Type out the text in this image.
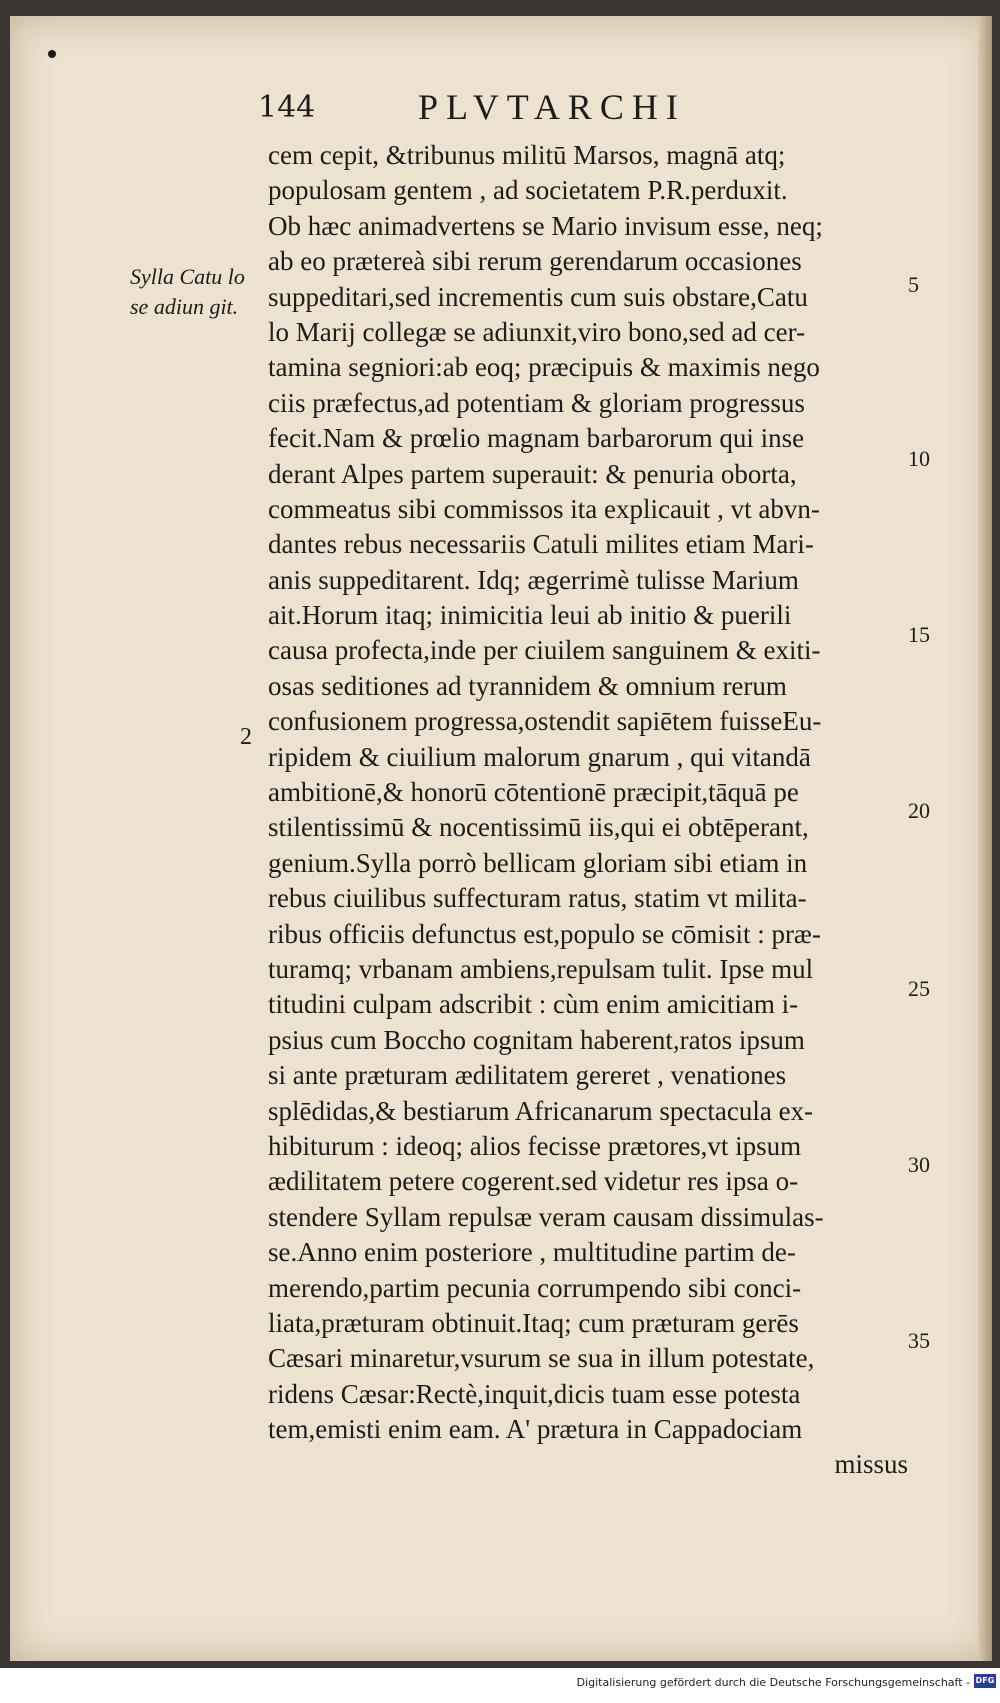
144	PLVTARCHI
Sylla Catu lo se adiun git.
2
cem cepit, &tribunus militū Marsos, magnā atq;
populosam gentem , ad societatem P.R.perduxit.
Ob hæc animadvertens se Mario invisum esse, neq;
ab eo prætereà sibi rerum gerendarum occasiones
suppeditari,sed incrementis cum suis obstare,Catu
lo Marij collegæ se adiunxit,viro bono,sed ad cer-
tamina segniori:ab eoq; præcipuis & maximis nego
ciis præfectus,ad potentiam & gloriam progressus
fecit.Nam & prœlio magnam barbarorum qui inse
derant Alpes partem superauit: & penuria oborta,
commeatus sibi commissos ita explicauit , vt abvn-
dantes rebus necessariis Catuli milites etiam Mari-
anis suppeditarent. Idq; ægerrimè tulisse Marium
ait.Horum itaq; inimicitia leui ab initio & puerili
causa profecta,inde per ciuilem sanguinem & exiti-
osas seditiones ad tyrannidem & omnium rerum
confusionem progressa,ostendit sapiētem fuisseEu-
ripidem & ciuilium malorum gnarum , qui vitandā
ambitionē,& honorū cōtentionē præcipit,tāquā pe
stilentissimū & nocentissimū iis,qui ei obtēperant,
genium.Sylla porrò bellicam gloriam sibi etiam in
rebus ciuilibus suffecturam ratus, statim vt milita-
ribus officiis defunctus est,populo se cōmisit : præ-
turamq; vrbanam ambiens,repulsam tulit. Ipse mul
titudini culpam adscribit : cùm enim amicitiam i-
psius cum Boccho cognitam haberent,ratos ipsum
si ante præturam ædilitatem gereret , venationes
splēdidas,& bestiarum Africanarum spectacula ex-
hibiturum : ideoq; alios fecisse prætores,vt ipsum
ædilitatem petere cogerent.sed videtur res ipsa o-
stendere Syllam repulsæ veram causam dissimulas-
se.Anno enim posteriore , multitudine partim de-
merendo,partim pecunia corrumpendo sibi conci-
liata,præturam obtinuit.Itaq; cum præturam gerēs
Cæsari minaretur,vsurum se sua in illum potestate,
ridens Cæsar:Rectè,inquit,dicis tuam esse potesta
tem,emisti enim eam. A' prætura in Cappadociam
missus
5
10
15
20
25
30
35
Digitalisierung gefördert durch die Deutsche Forschungsgemeinschaft - DFG
